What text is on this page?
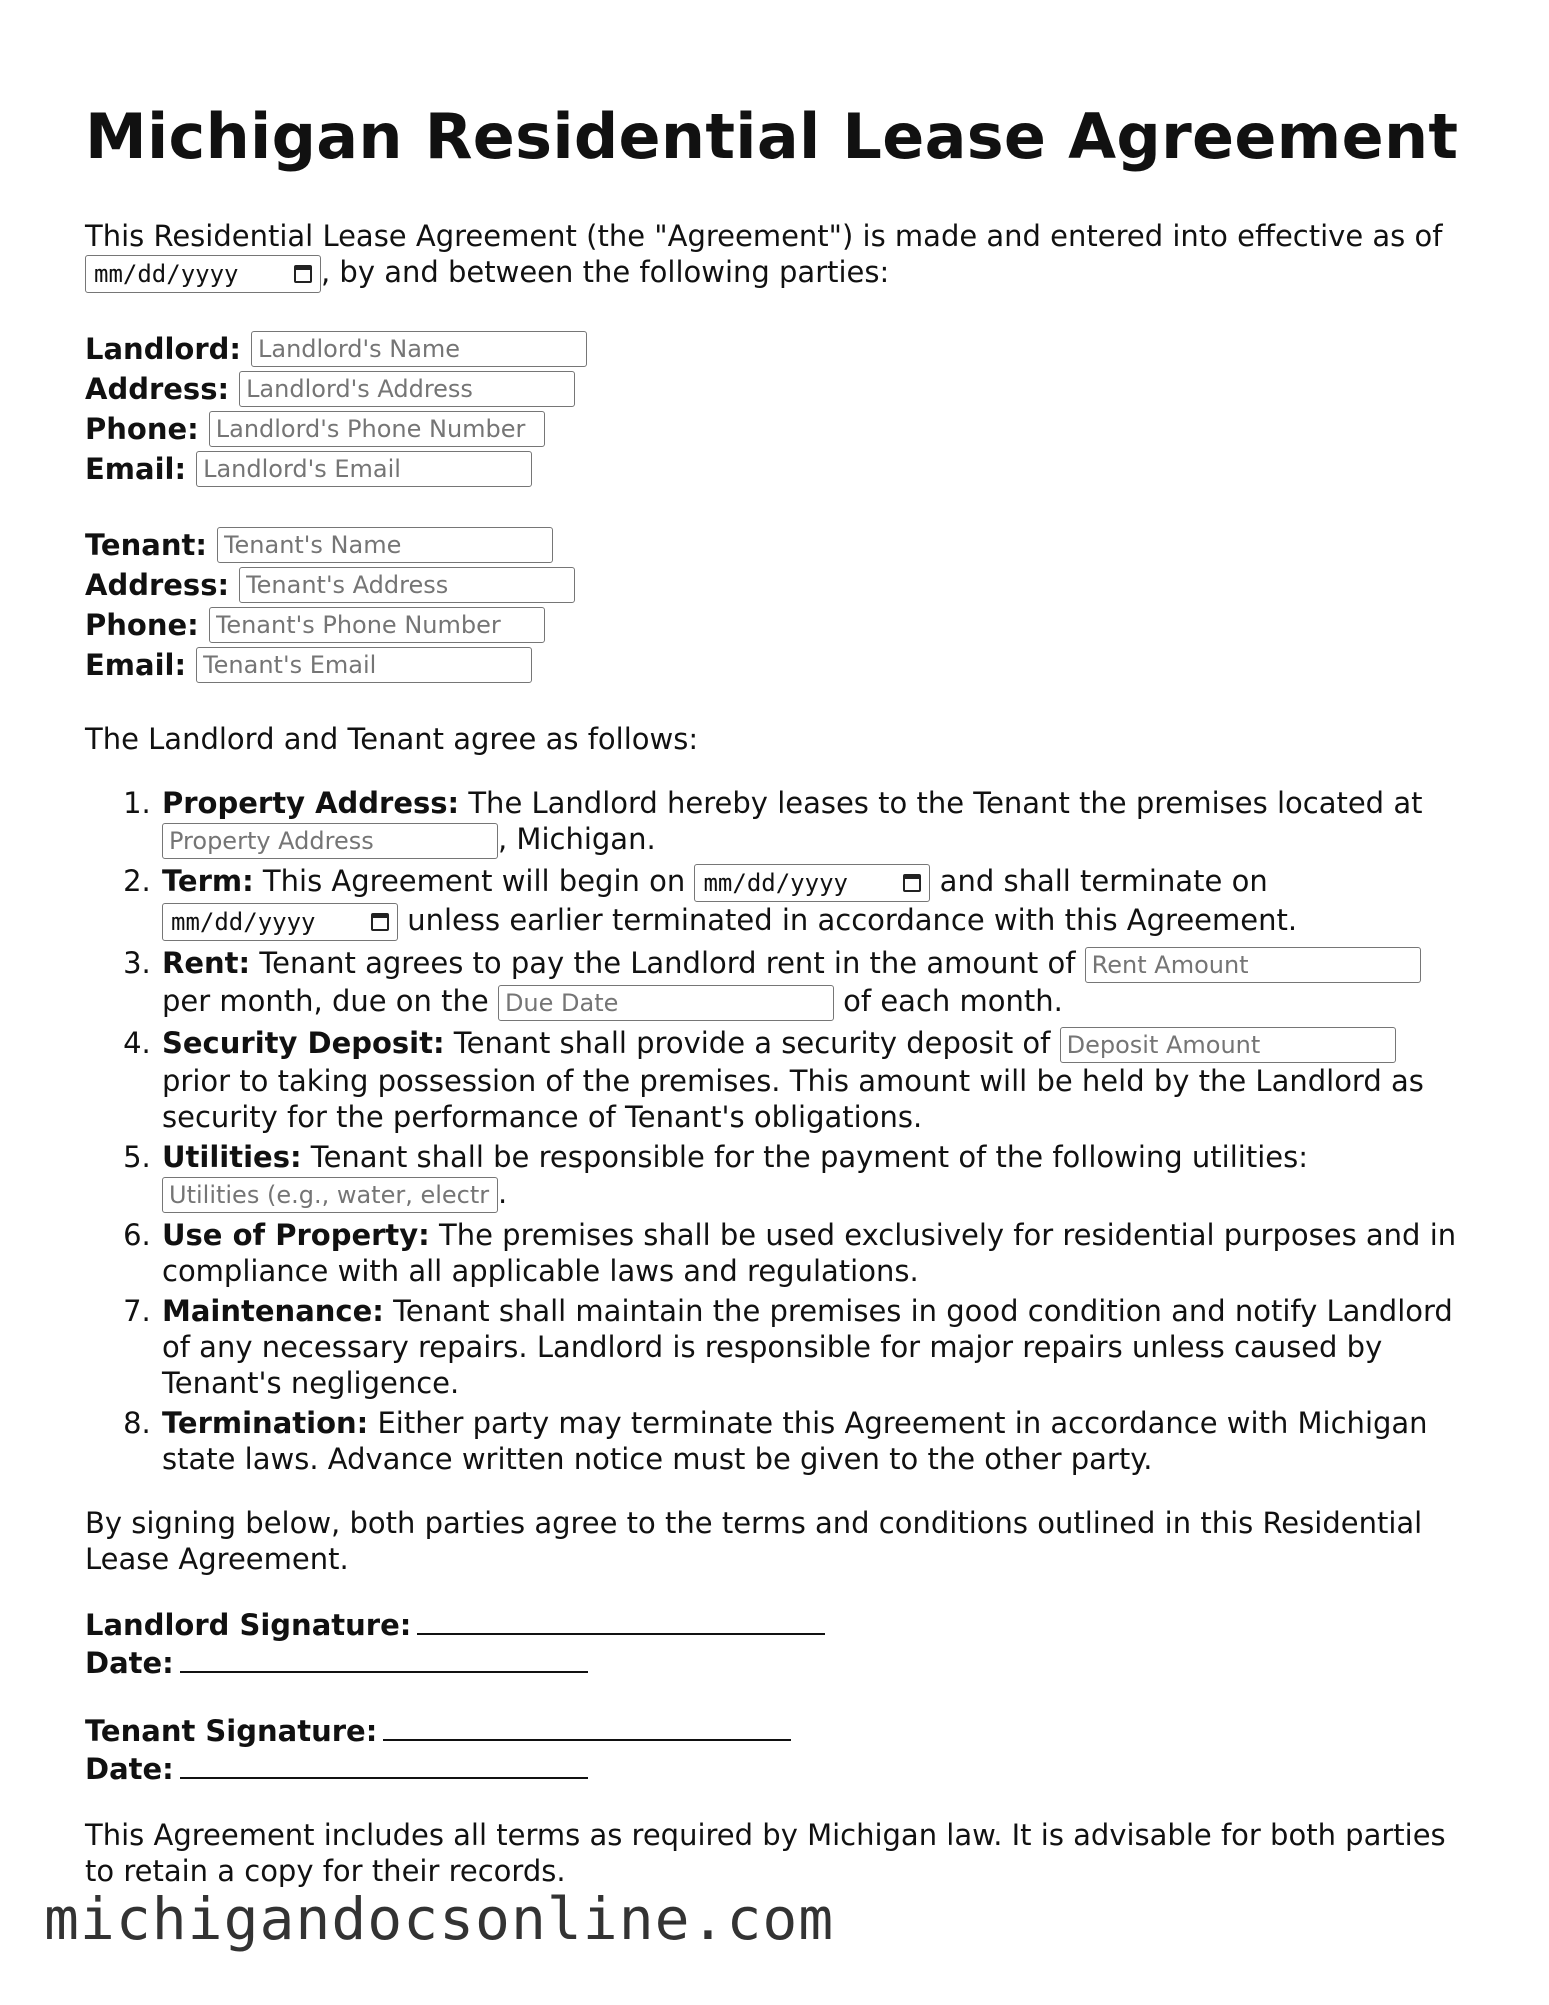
Michigan Residential Lease Agreement

This Residential Lease Agreement (the "Agreement") is made and entered into effective as of
mm/dd/yyyy	, by and between the following parties:

Landlord:
Landlord's Name
Address:
Landlord's Address
Phone:
Landlord's Phone Number
Email:
Landlord's Email
Tenant:
Tenant's Name
Address:
Tenant's Address
Phone:
Tenant's Phone Number
Email:
Tenant's Email

The Landlord and Tenant agree as follows:

1. Property Address: The Landlord hereby leases to the Tenant the premises located at Property Address, Michigan.
2. Term: This Agreement will begin on mm/dd/yyyy	and shall terminate on
mm/dd/yyyy	unless earlier terminated in accordance with this Agreement.
3. Rent: Tenant agrees to pay the Landlord rent in the amount of Rent Amount per month, due on the Due Date	of each month.
4. Security Deposit: Tenant shall provide a security deposit of Deposit Amount prior to taking possession of the premises. This amount will be held by the Landlord as security for the performance of Tenant's obligations.
5. Utilities: Tenant shall be responsible for the payment of the following utilities: Utilities (e.g., water, electricity).
6. Use of Property: The premises shall be used exclusively for residential purposes and in compliance with all applicable laws and regulations.
7. Maintenance: Tenant shall maintain the premises in good condition and notify Landlord of any necessary repairs. Landlord is responsible for major repairs unless caused by Tenant's negligence.
8. Termination: Either party may terminate this Agreement in accordance with Michigan state laws. Advance written notice must be given to the other party.

By signing below, both parties agree to the terms and conditions outlined in this Residential Lease Agreement.

Landlord Signature:
Date:
Tenant Signature:
Date:

This Agreement includes all terms as required by Michigan law. It is advisable for both parties to retain a copy for their records.

michigandocsonline.com
